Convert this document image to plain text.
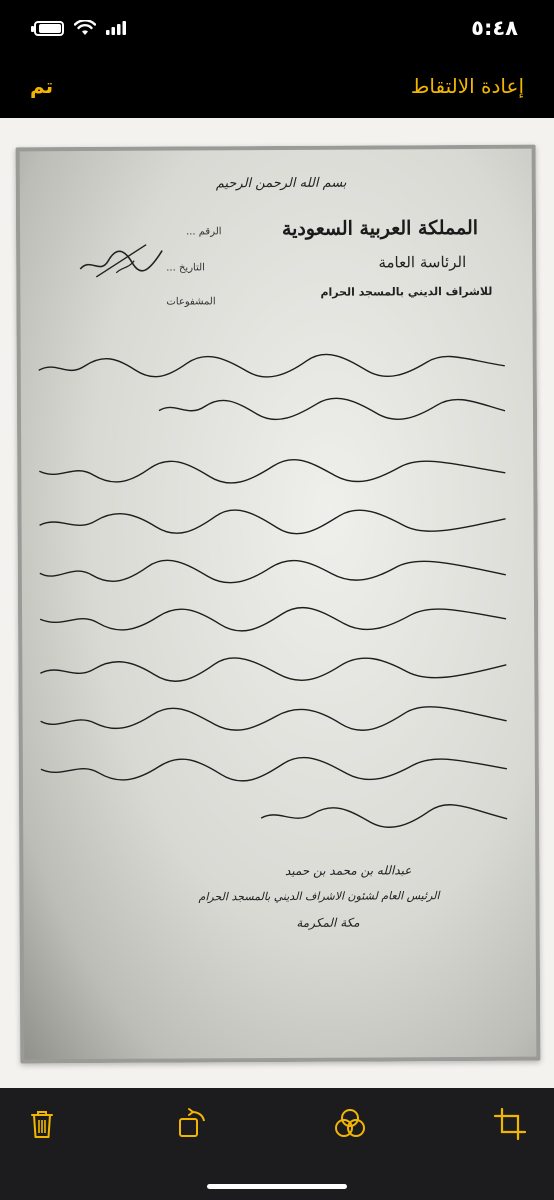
٥:٤٨
تم	إعادة الالتقاط
بسم الله الرحمن الرحيم
المملكة العربية السعودية
الرئاسة العامة
للاشراف الديني بالمسجد الحرام
الرقم ...
التاريخ ...
المشفوعات
عبدالله بن محمد بن حميد
الرئيس العام لشئون الاشراف الديني بالمسجد الحرام
مكة المكرمة
